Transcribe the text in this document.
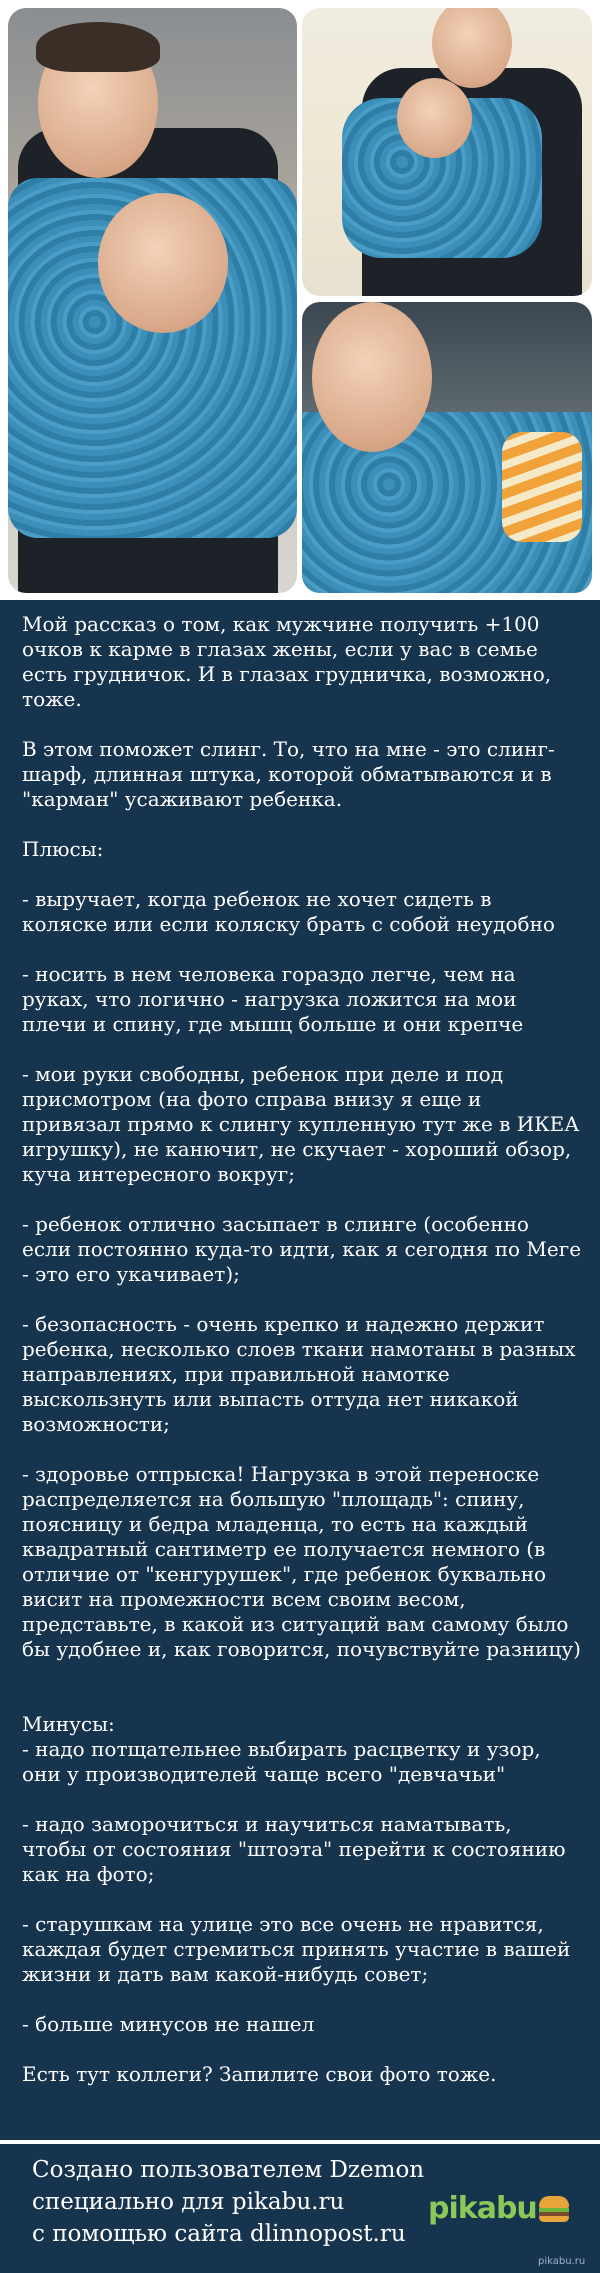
Мой рассказ о том, как мужчине получить +100 очков к карме в глазах жены, если у вас в семье есть грудничок. И в глазах грудничка, возможно, тоже.

В этом поможет слинг. То, что на мне - это слинг-шарф, длинная штука, которой обматываются и в "карман" усаживают ребенка.

Плюсы:

- выручает, когда ребенок не хочет сидеть в коляске или если коляску брать с собой неудобно

- носить в нем человека гораздо легче, чем на руках, что логично - нагрузка ложится на мои плечи и спину, где мышц больше и они крепче

- мои руки свободны, ребенок при деле и под присмотром (на фото справа внизу я еще и привязал прямо к слингу купленную тут же в ИКЕА игрушку), не канючит, не скучает - хороший обзор, куча интересного вокруг;

- ребенок отлично засыпает в слинге (особенно если постоянно куда-то идти, как я сегодня по Меге - это его укачивает);

- безопасность - очень крепко и надежно держит ребенка, несколько слоев ткани намотаны в разных направлениях, при правильной намотке выскользнуть или выпасть оттуда нет никакой возможности;

- здоровье отпрыска! Нагрузка в этой переноске распределяется на большую "площадь": спину, поясницу и бедра младенца, то есть на каждый квадратный сантиметр ее получается немного (в отличие от "кенгурушек", где ребенок буквально висит на промежности всем своим весом, представьте, в какой из ситуаций вам самому было бы удобнее и, как говорится, почувствуйте разницу)

Минусы:
- надо потщательнее выбирать расцветку и узор, они у производителей чаще всего "девчачьи"

- надо заморочиться и научиться наматывать, чтобы от состояния "штоэта" перейти к состоянию как на фото;

- старушкам на улице это все очень не нравится, каждая будет стремиться принять участие в вашей жизни и дать вам какой-нибудь совет;

- больше минусов не нашел

Есть тут коллеги? Запилите свои фото тоже.

Создано пользователем Dzemon
специально для pikabu.ru
с помощью сайта dlinnopost.ru
pikabu
pikabu.ru
